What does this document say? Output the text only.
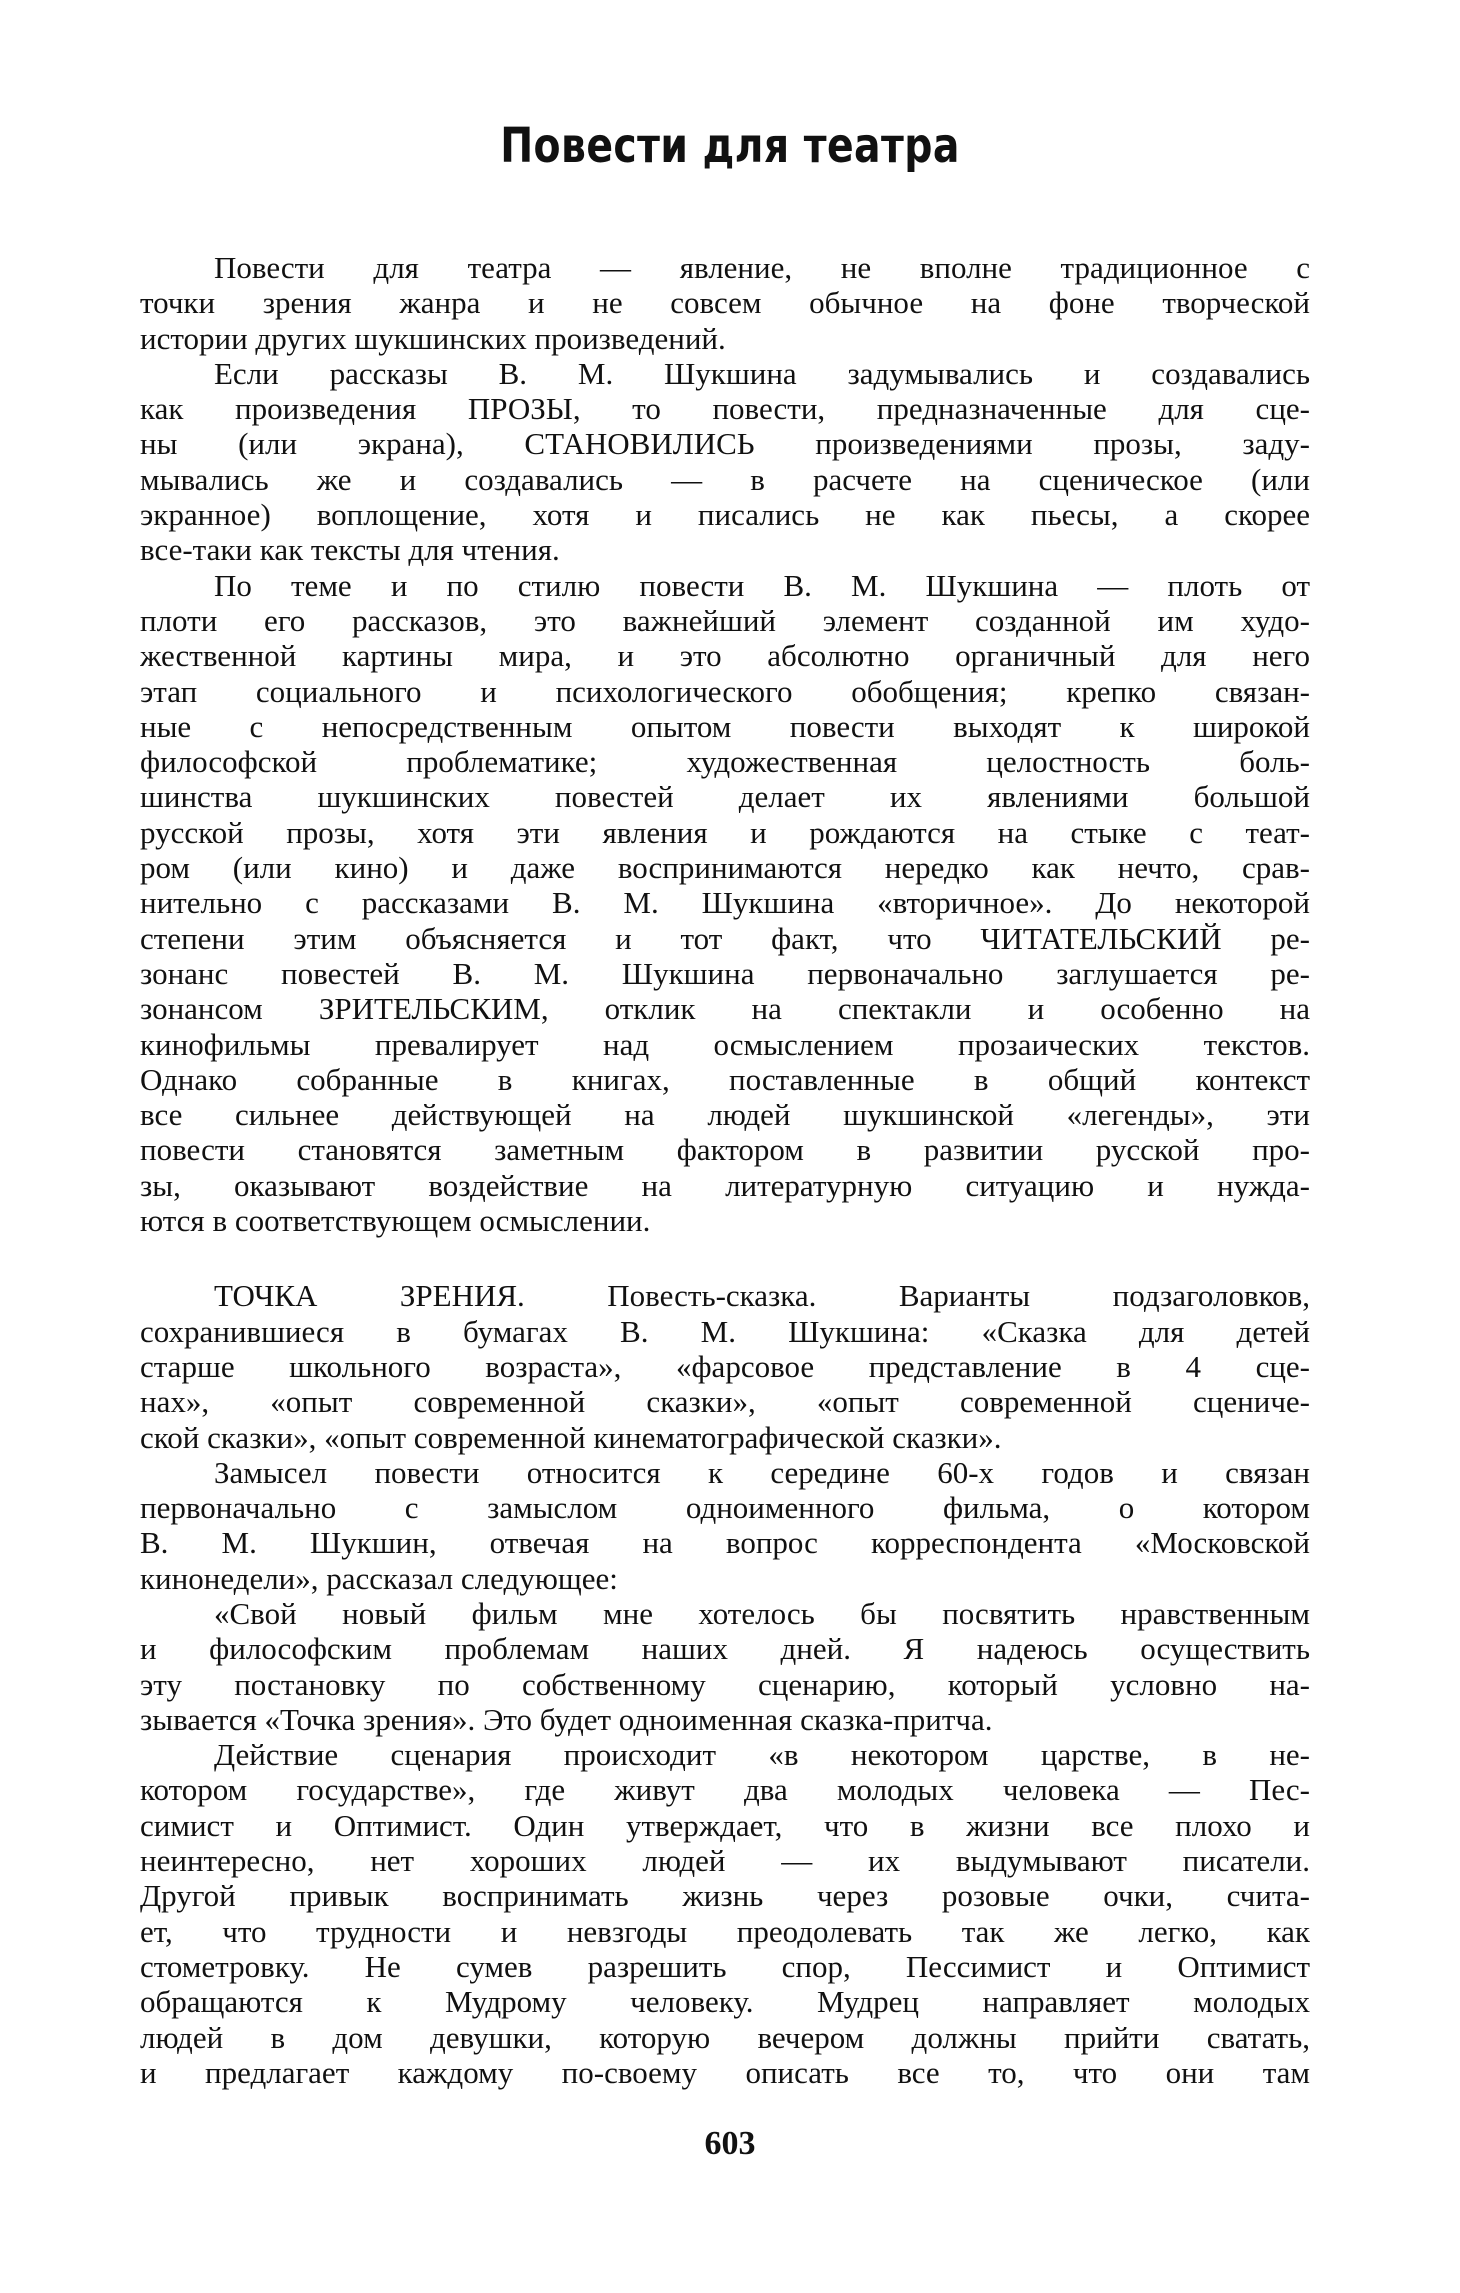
Повести для театра
Повести для театра — явление, не вполне традиционное с
точки зрения жанра и не совсем обычное на фоне творческой
истории других шукшинских произведений.
Если рассказы В. М. Шукшина задумывались и создавались
как произведения ПРОЗЫ, то повести, предназначенные для сце-
ны (или экрана), СТАНОВИЛИСЬ произведениями прозы, заду-
мывались же и создавались — в расчете на сценическое (или
экранное) воплощение, хотя и писались не как пьесы, а скорее
все-таки как тексты для чтения.
По теме и по стилю повести В. М. Шукшина — плоть от
плоти его рассказов, это важнейший элемент созданной им худо-
жественной картины мира, и это абсолютно органичный для него
этап социального и психологического обобщения; крепко связан-
ные с непосредственным опытом повести выходят к широкой
философской проблематике; художественная целостность боль-
шинства шукшинских повестей делает их явлениями большой
русской прозы, хотя эти явления и рождаются на стыке с теат-
ром (или кино) и даже воспринимаются нередко как нечто, срав-
нительно с рассказами В. М. Шукшина «вторичное». До некоторой
степени этим объясняется и тот факт, что ЧИТАТЕЛЬСКИЙ ре-
зонанс повестей В. М. Шукшина первоначально заглушается ре-
зонансом ЗРИТЕЛЬСКИМ, отклик на спектакли и особенно на
кинофильмы превалирует над осмыслением прозаических текстов.
Однако собранные в книгах, поставленные в общий контекст
все сильнее действующей на людей шукшинской «легенды», эти
повести становятся заметным фактором в развитии русской про-
зы, оказывают воздействие на литературную ситуацию и нужда-
ются в соответствующем осмыслении.
ТОЧКА ЗРЕНИЯ. Повесть-сказка. Варианты подзаголовков,
сохранившиеся в бумагах В. М. Шукшина: «Сказка для детей
старше школьного возраста», «фарсовое представление в 4 сце-
нах», «опыт современной сказки», «опыт современной сцениче-
ской сказки», «опыт современной кинематографической сказки».
Замысел повести относится к середине 60-х годов и связан
первоначально с замыслом одноименного фильма, о котором
В. М. Шукшин, отвечая на вопрос корреспондента «Московской
кинонедели», рассказал следующее:
«Свой новый фильм мне хотелось бы посвятить нравственным
и философским проблемам наших дней. Я надеюсь осуществить
эту постановку по собственному сценарию, который условно на-
зывается «Точка зрения». Это будет одноименная сказка-притча.
Действие сценария происходит «в некотором царстве, в не-
котором государстве», где живут два молодых человека — Пес-
симист и Оптимист. Один утверждает, что в жизни все плохо и
неинтересно, нет хороших людей — их выдумывают писатели.
Другой привык воспринимать жизнь через розовые очки, счита-
ет, что трудности и невзгоды преодолевать так же легко, как
стометровку. Не сумев разрешить спор, Пессимист и Оптимист
обращаются к Мудрому человеку. Мудрец направляет молодых
людей в дом девушки, которую вечером должны прийти сватать,
и предлагает каждому по-своему описать все то, что они там
603
